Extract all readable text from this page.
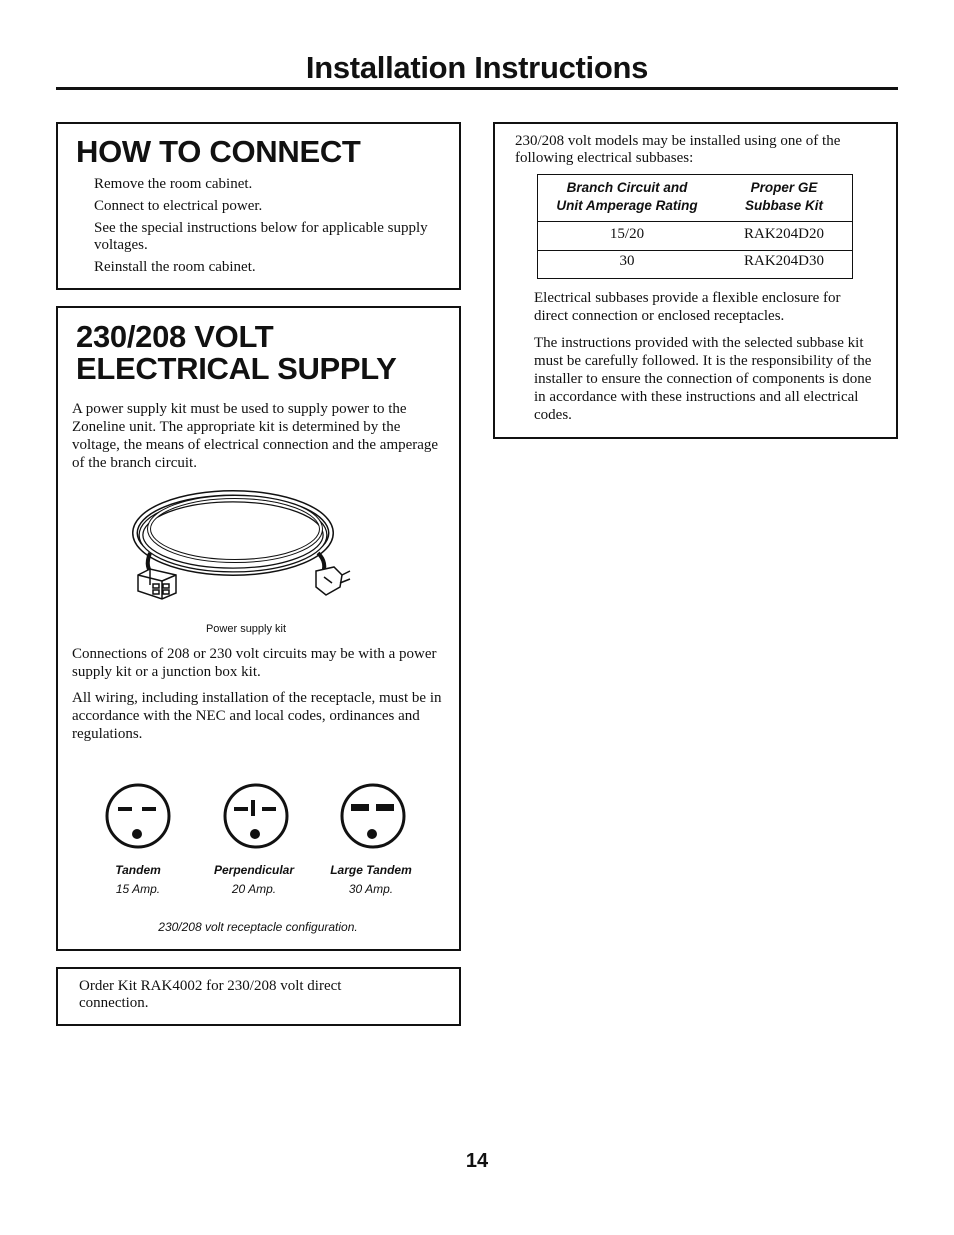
Installation Instructions
HOW TO CONNECT
Remove the room cabinet.
Connect to electrical power.
See the special instructions below for applicable supply voltages.
Reinstall the room cabinet.
230/208 VOLT
ELECTRICAL SUPPLY
A power supply kit must be used to supply power to the Zoneline unit. The appropriate kit is determined by the voltage, the means of electrical connection and the amperage of the branch circuit.
Power supply kit
Connections of 208 or 230 volt circuits may be with a power supply kit or a junction box kit.
All wiring, including installation of the receptacle, must be in accordance with the NEC and local codes, ordinances and regulations.
Tandem
15 Amp.
Perpendicular
20 Amp.
Large Tandem
30 Amp.
230/208 volt receptacle configuration.
Order Kit RAK4002 for 230/208 volt direct connection.
230/208 volt models may be installed using one of the following electrical subbases:
Branch Circuit and
Unit Amperage Rating
Proper GE
Subbase Kit
15/20	RAK204D20
30	RAK204D30
Electrical subbases provide a flexible enclosure for direct connection or enclosed receptacles.
The instructions provided with the selected subbase kit must be carefully followed. It is the responsibility of the installer to ensure the connection of components is done in accordance with these instructions and all electrical codes.
14
